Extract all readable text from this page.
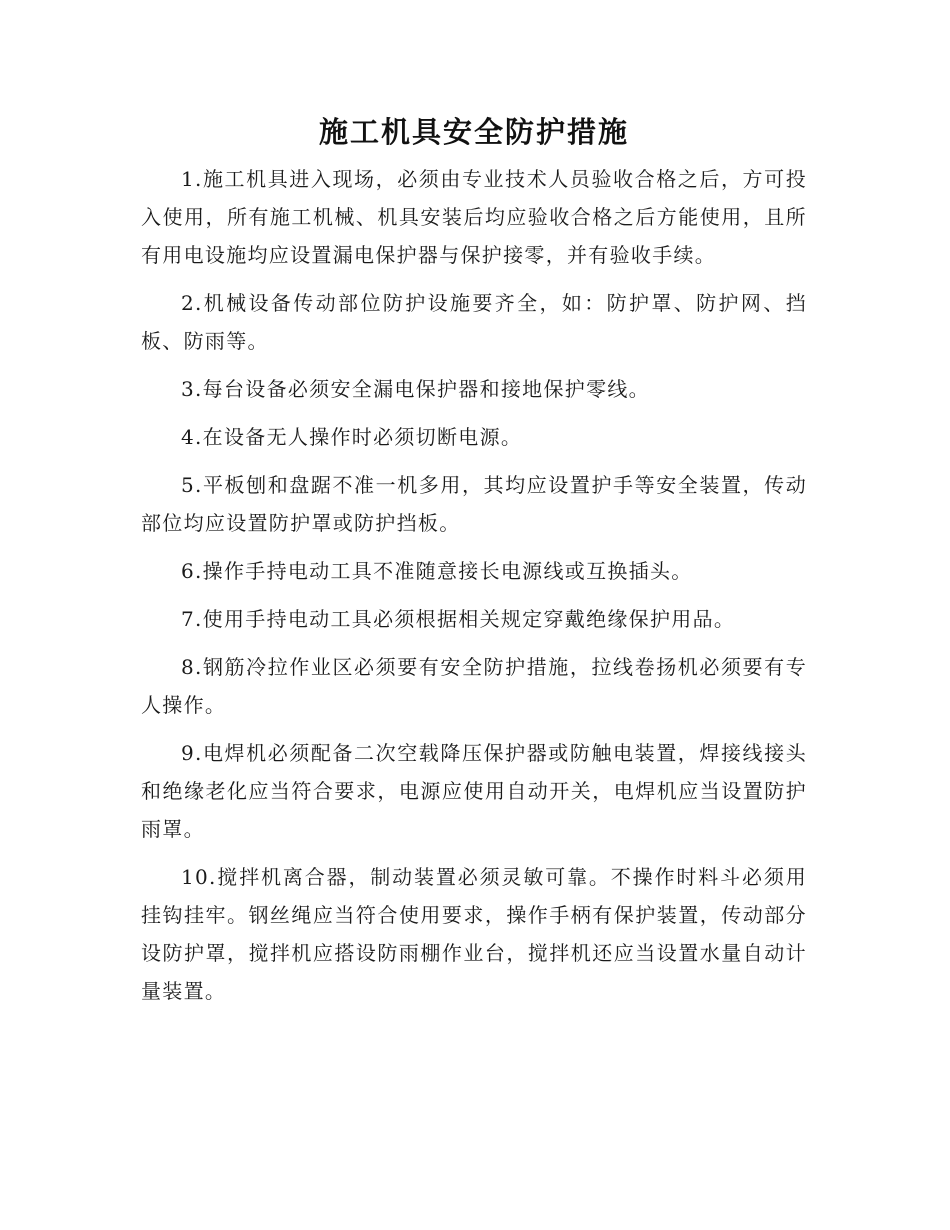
施工机具安全防护措施

1.施工机具进入现场，必须由专业技术人员验收合格之后，方可投入使用，所有施工机械、机具安装后均应验收合格之后方能使用，且所有用电设施均应设置漏电保护器与保护接零，并有验收手续。

2.机械设备传动部位防护设施要齐全，如：防护罩、防护网、挡板、防雨等。

3.每台设备必须安全漏电保护器和接地保护零线。

4.在设备无人操作时必须切断电源。

5.平板刨和盘踞不准一机多用，其均应设置护手等安全装置，传动部位均应设置防护罩或防护挡板。

6.操作手持电动工具不准随意接长电源线或互换插头。

7.使用手持电动工具必须根据相关规定穿戴绝缘保护用品。

8.钢筋冷拉作业区必须要有安全防护措施，拉线卷扬机必须要有专人操作。

9.电焊机必须配备二次空载降压保护器或防触电装置，焊接线接头和绝缘老化应当符合要求，电源应使用自动开关，电焊机应当设置防护雨罩。

10.搅拌机离合器，制动装置必须灵敏可靠。不操作时料斗必须用挂钩挂牢。钢丝绳应当符合使用要求，操作手柄有保护装置，传动部分设防护罩，搅拌机应搭设防雨棚作业台，搅拌机还应当设置水量自动计量装置。
